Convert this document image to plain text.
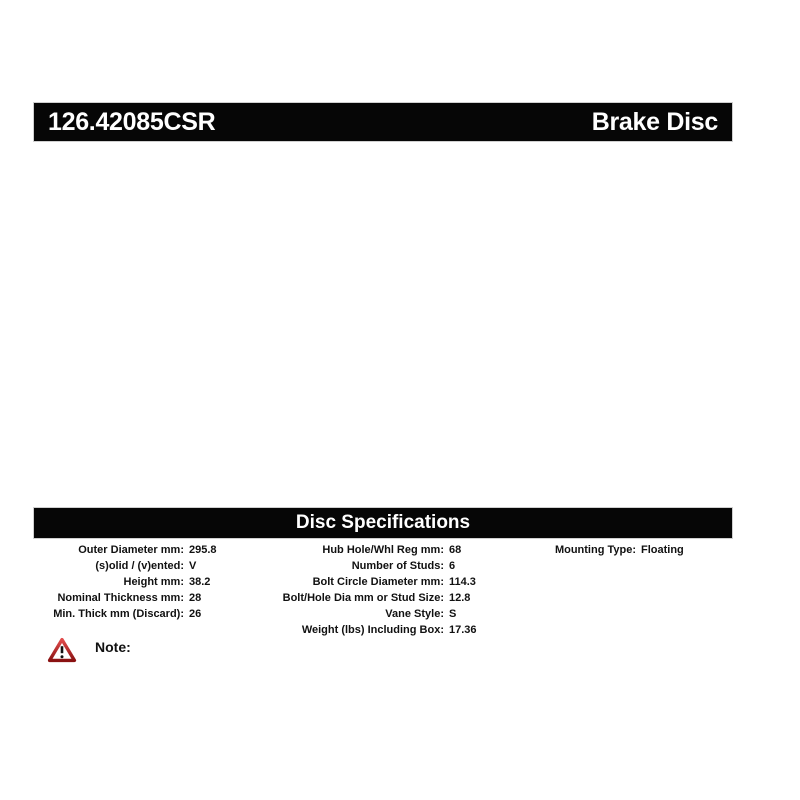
126.42085CSR	Brake Disc
Disc Specifications
Outer Diameter mm: 295.8
(s)olid / (v)ented: V
Height mm: 38.2
Nominal Thickness mm: 28
Min. Thick mm (Discard): 26
Hub Hole/Whl Reg mm: 68
Number of Studs: 6
Bolt Circle Diameter mm: 114.3
Bolt/Hole Dia mm or Stud Size: 12.8
Vane Style: S
Weight (lbs) Including Box: 17.36
Mounting Type: Floating
Note:
